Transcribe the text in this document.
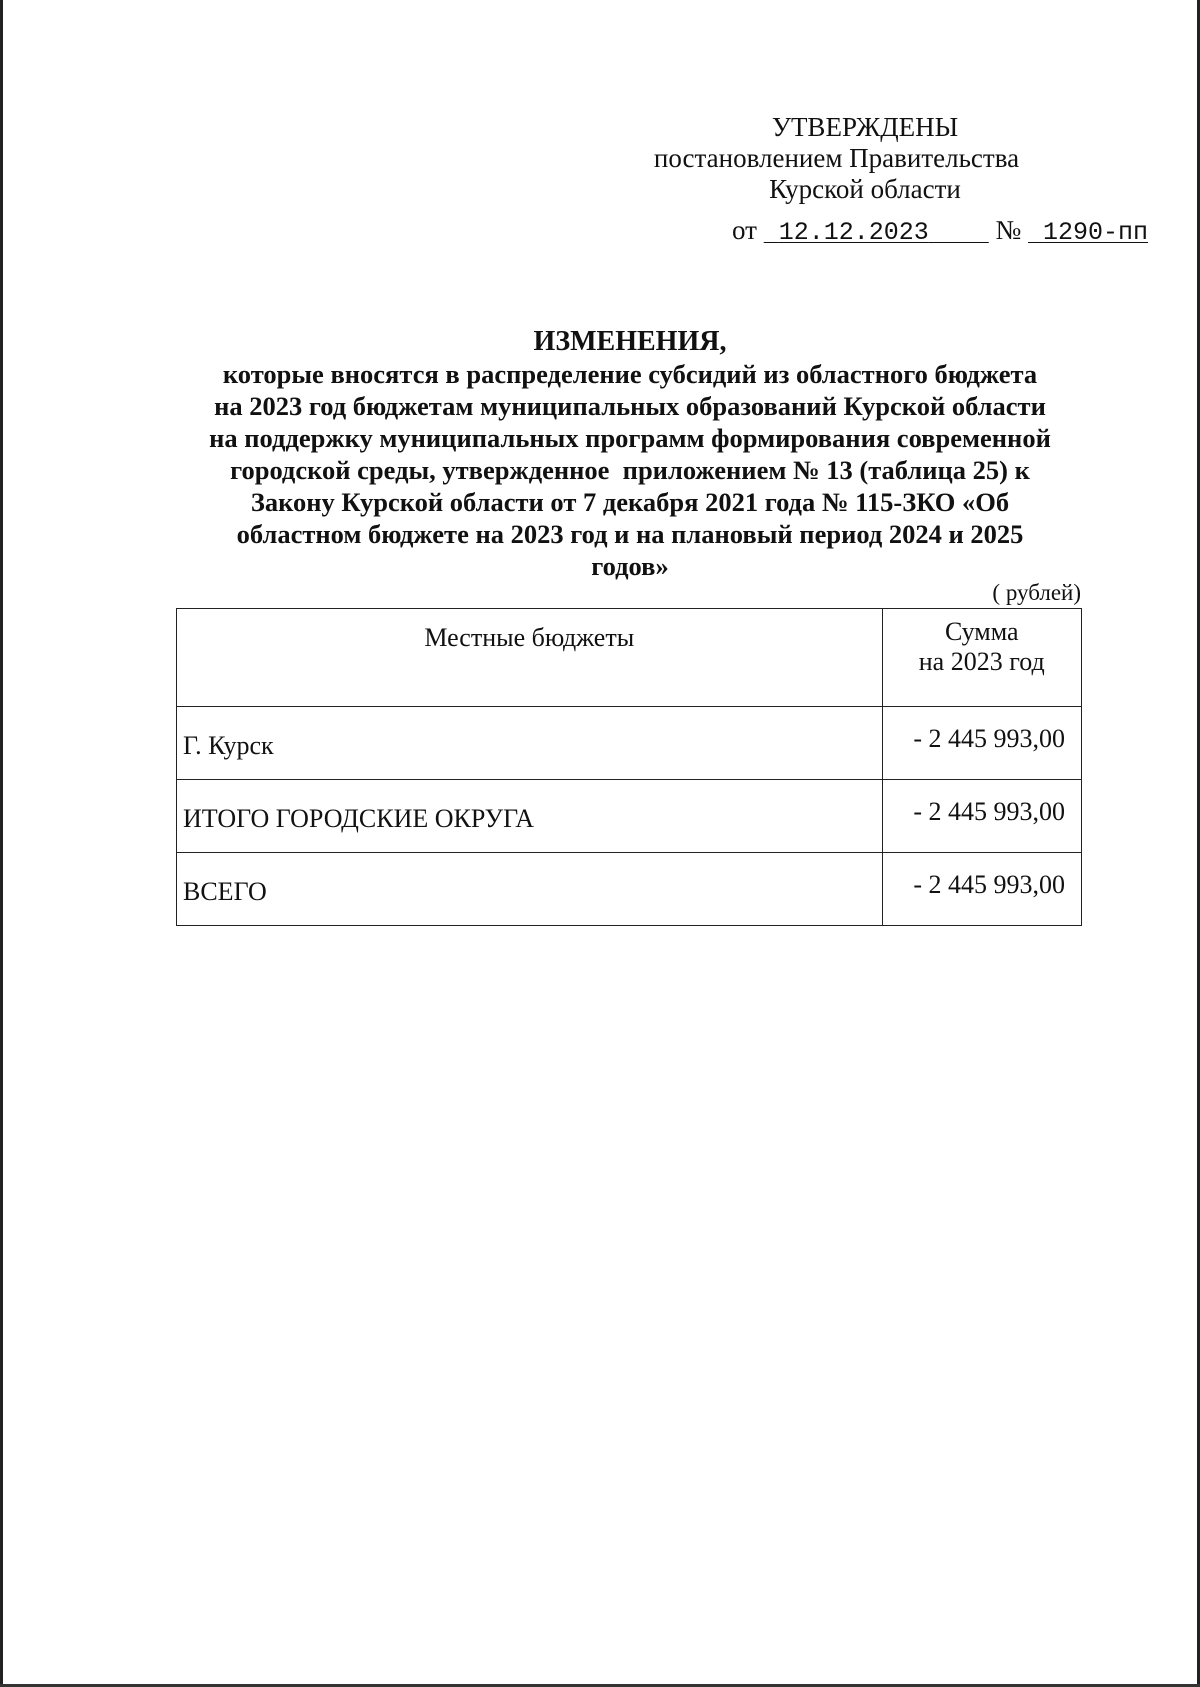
УТВЕРЖДЕНЫ
постановлением Правительства
Курской области
от 12.12.2023 № 1290-пп
ИЗМЕНЕНИЯ,
которые вносятся в распределение субсидий из областного бюджета
на 2023 год бюджетам муниципальных образований Курской области
на поддержку муниципальных программ формирования современной
городской среды, утвержденное  приложением № 13 (таблица 25) к
Закону Курской области от 7 декабря 2021 года № 115-ЗКО «Об
областном бюджете на 2023 год и на плановый период 2024 и 2025
годов»
( рублей)
Местные бюджеты	Сумма
на 2023 год

Г. Курск	- 2 445 993,00
ИТОГО ГОРОДСКИЕ ОКРУГА	- 2 445 993,00
ВСЕГО	- 2 445 993,00
